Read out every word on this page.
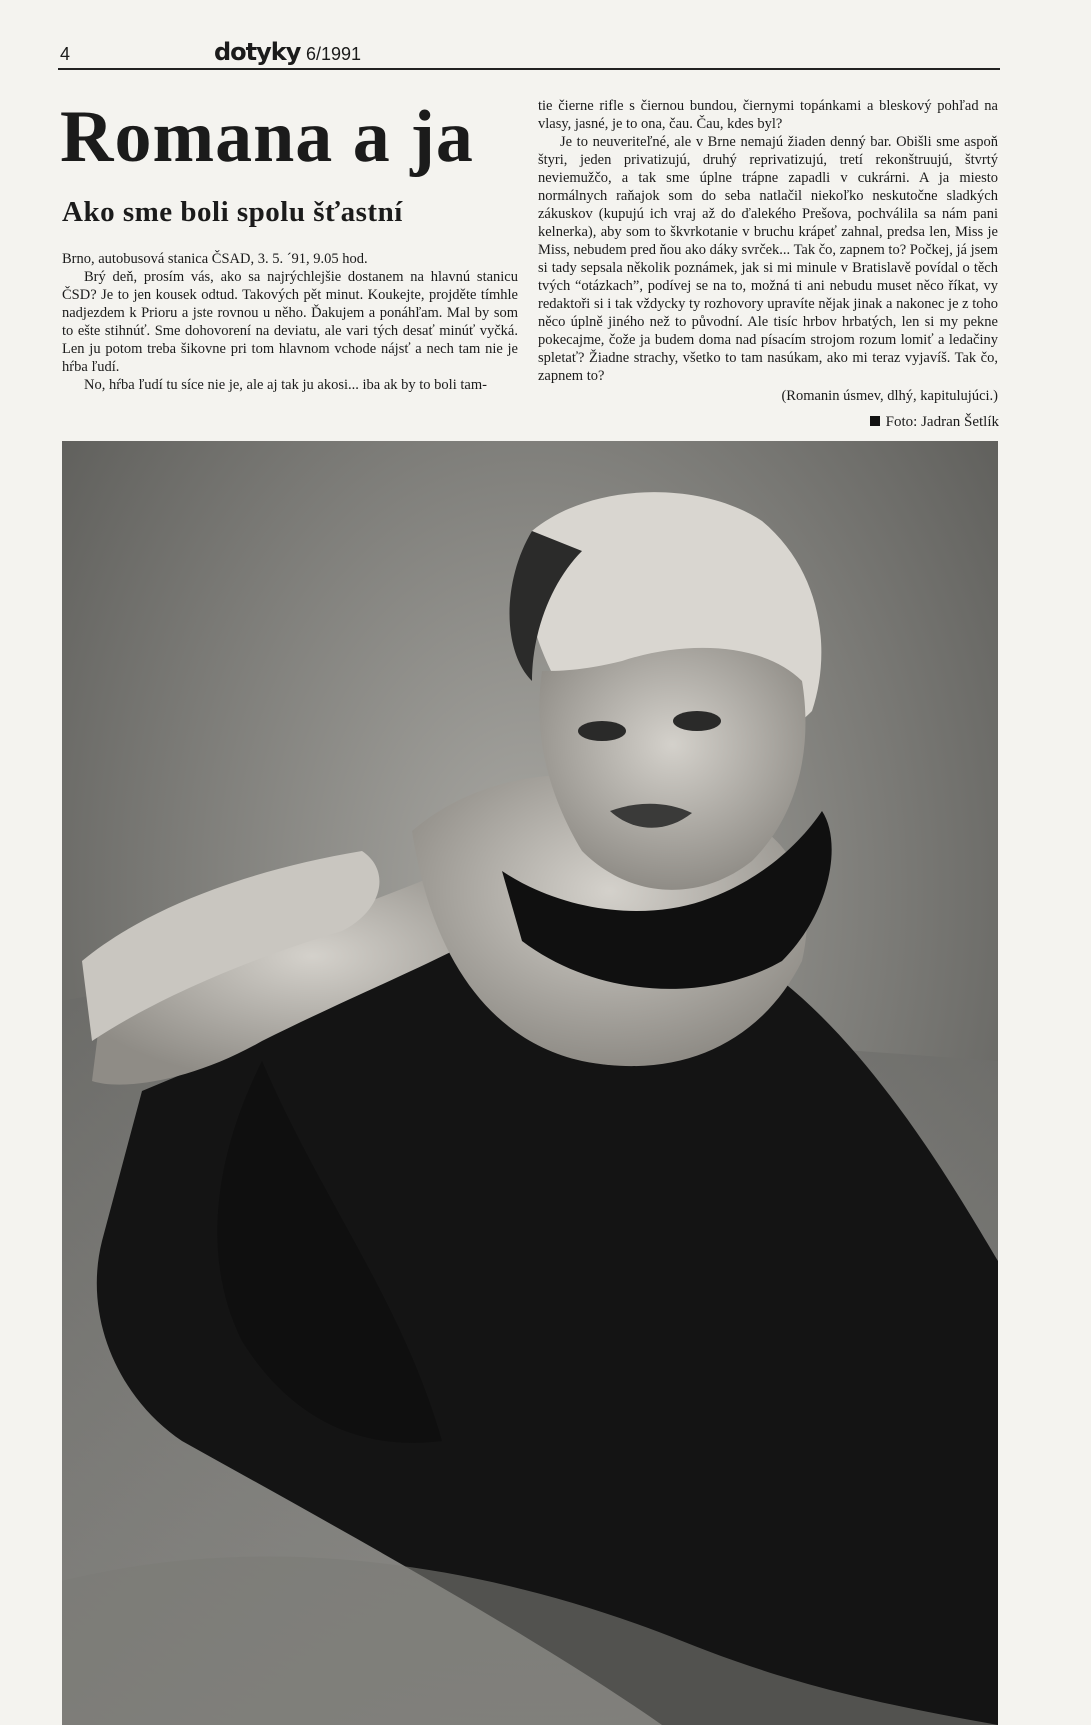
4	dotyky 6/1991
Romana a ja
Ako sme boli spolu šťastní

Brno, autobusová stanica ČSAD, 3. 5. ´91, 9.05 hod.

Brý deň, prosím vás, ako sa najrýchlejšie dostanem na hlavnú stanicu ČSD? Je to jen kousek odtud. Takových pět minut. Koukejte, projděte tímhle nadjezdem k Prioru a jste rovnou u něho. Ďakujem a ponáhľam. Mal by som to ešte stihnúť. Sme dohovorení na deviatu, ale vari tých desať minúť vyčká. Len ju potom treba šikovne pri tom hlavnom vchode nájsť a nech tam nie je hŕba ľudí.

No, hŕba ľudí tu síce nie je, ale aj tak ju akosi... iba ak by to boli tam-

tie čierne rifle s čiernou bundou, čiernymi topánkami a bleskový pohľad na vlasy, jasné, je to ona, čau. Čau, kdes byl?

Je to neuveriteľné, ale v Brne nemajú žiaden denný bar. Obišli sme aspoň štyri, jeden privatizujú, druhý reprivatizujú, tretí rekonštruujú, štvrtý neviemužčo, a tak sme úplne trápne zapadli v cukrárni. A ja miesto normálnych raňajok som do seba natlačil niekoľko neskutočne sladkých zákuskov (kupujú ich vraj až do ďalekého Prešova, pochválila sa nám pani kelnerka), aby som to škvrkotanie v bruchu krápeť zahnal, predsa len, Miss je Miss, nebudem pred ňou ako dáky svrček... Tak čo, zapnem to? Počkej, já jsem si tady sepsala několik poznámek, jak si mi minule v Bratislavě povídal o těch tvých “otázkach”, podívej se na to, možná ti ani nebudu muset něco říkat, vy redaktoři si i tak vždycky ty rozhovory upravíte nějak jinak a nakonec je z toho něco úplně jiného než to původní. Ale tisíc hrbov hrbatých, len si my pekne pokecajme, čože ja budem doma nad písacím strojom rozum lomiť a ledačiny spletať? Žiadne strachy, všetko to tam nasúkam, ako mi teraz vyjavíš. Tak čo, zapnem to?

(Romanin úsmev, dlhý, kapitulujúci.)

Foto: Jadran Šetlík
